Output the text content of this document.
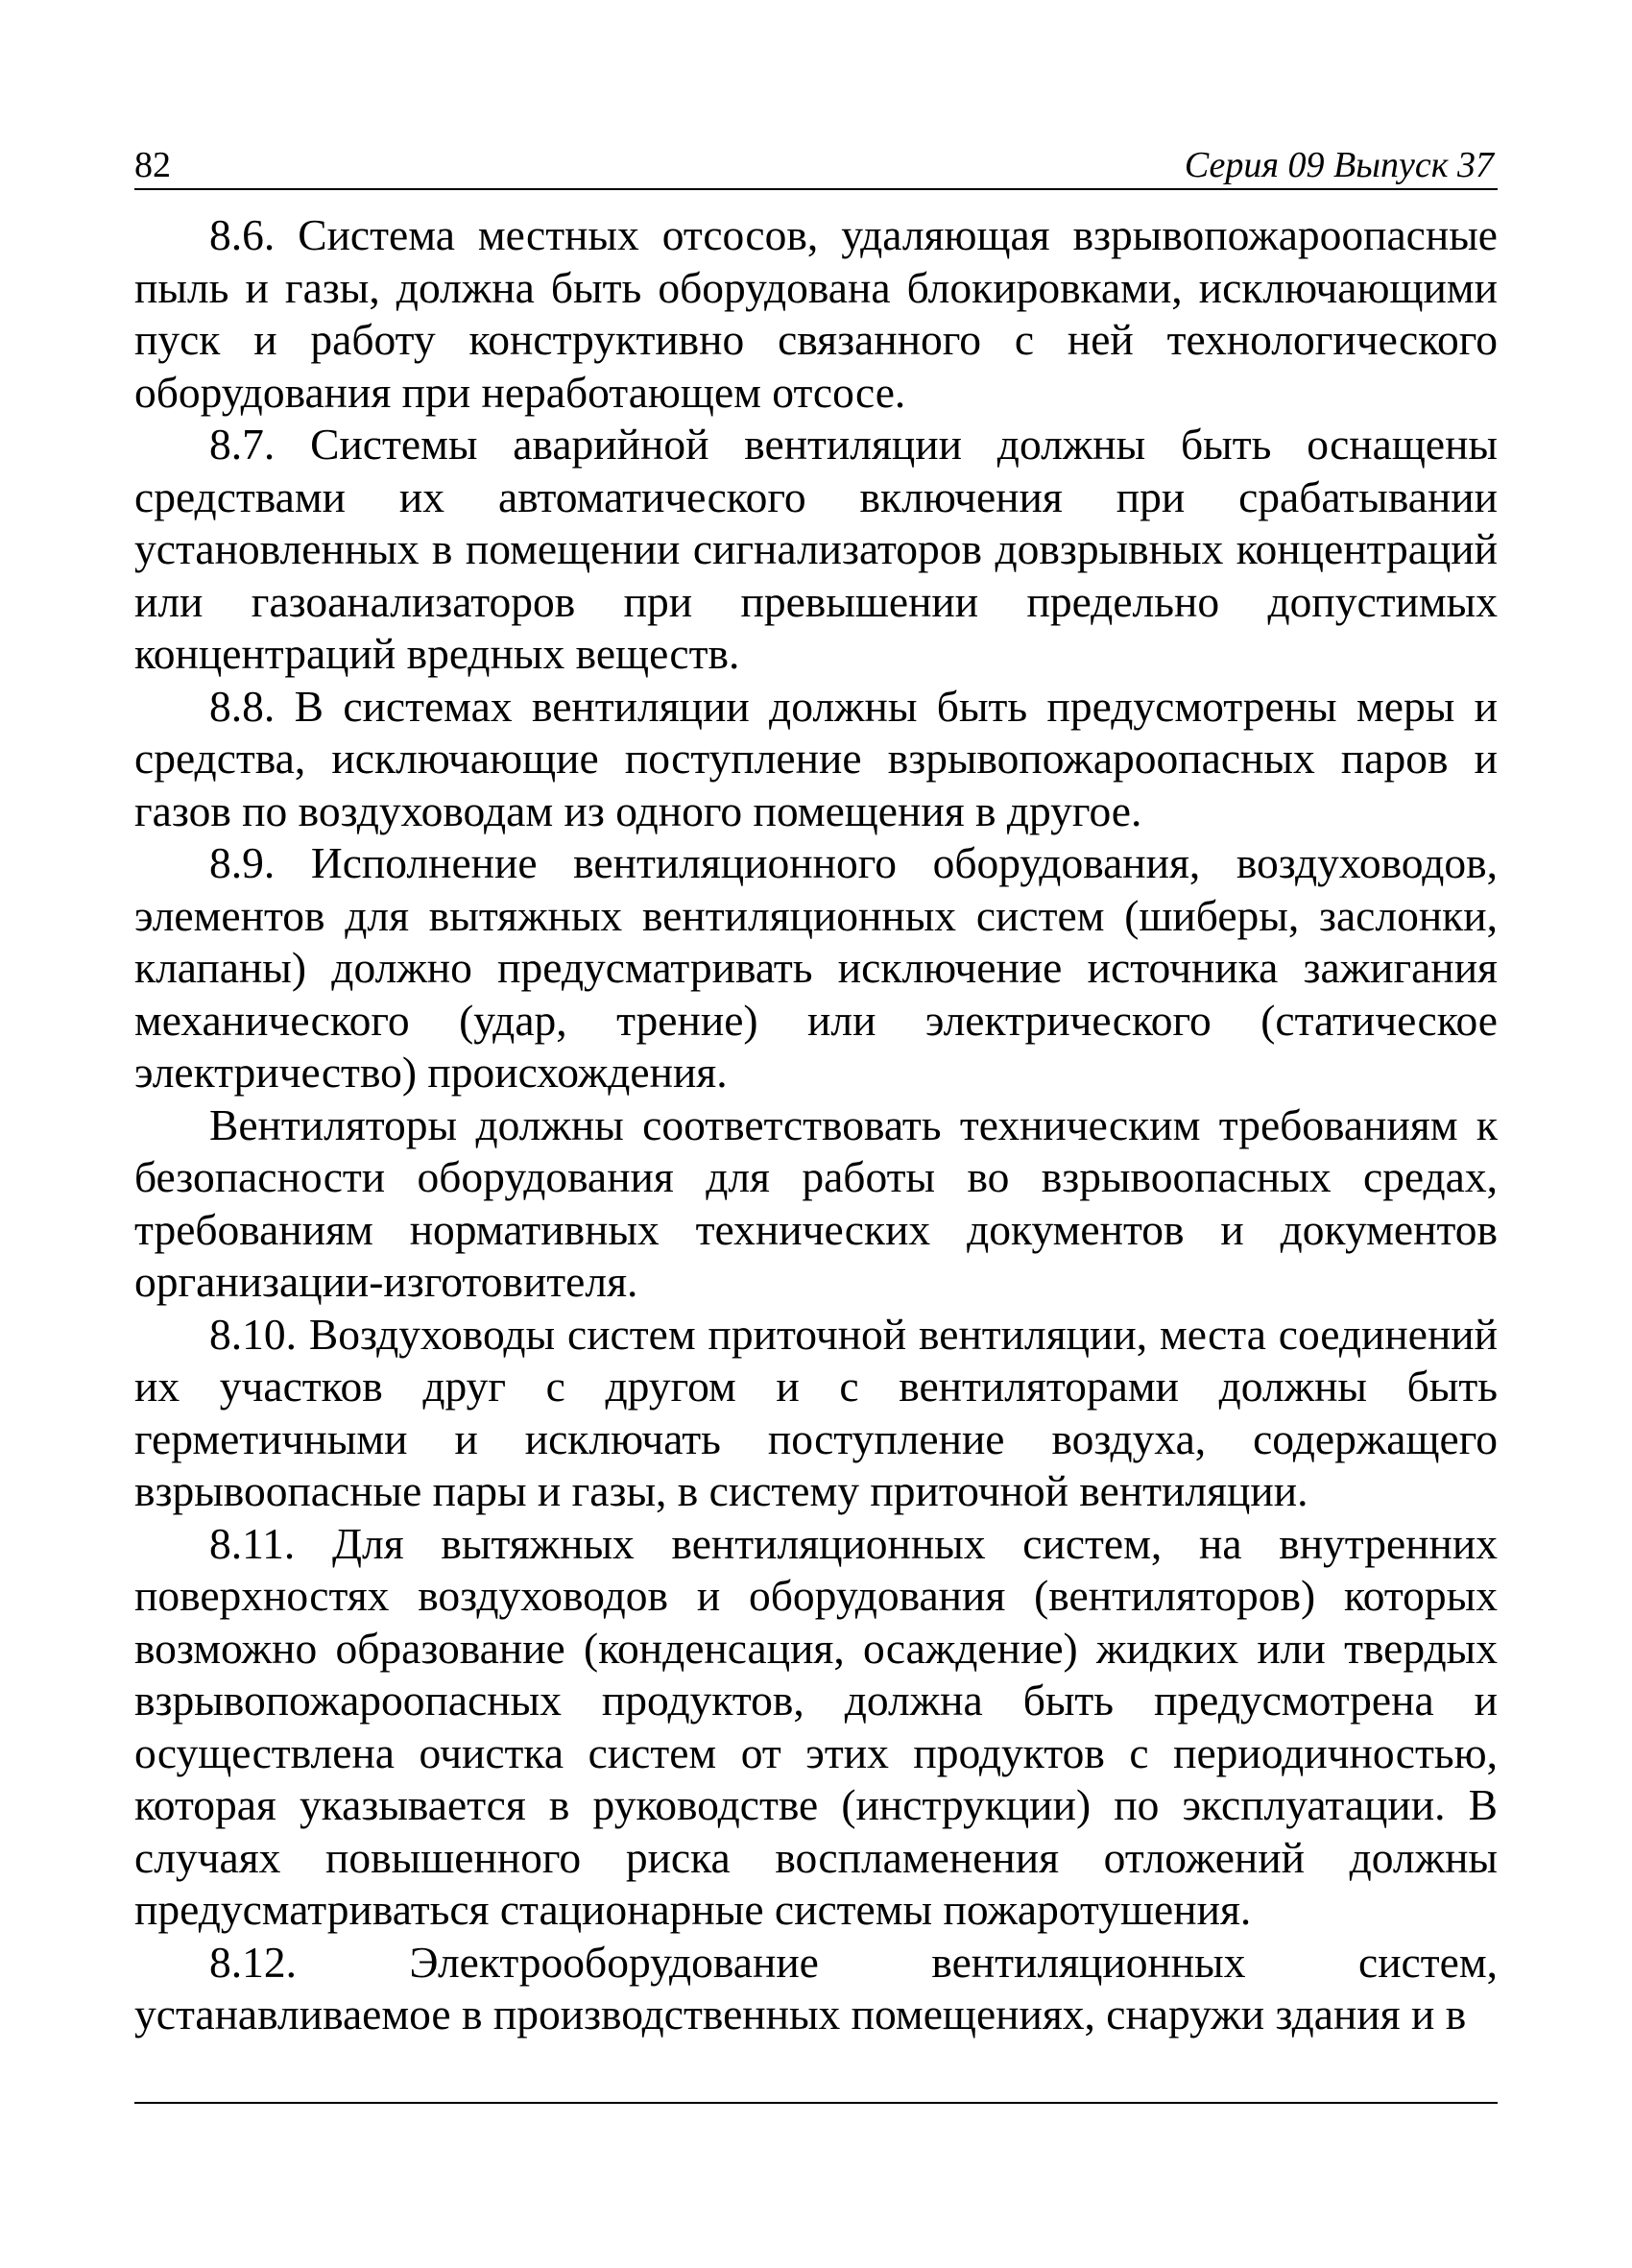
82	Серия 09 Выпуск 37

8.6. Система местных отсосов, удаляющая взрывопожароопасные пыль и газы, должна быть оборудована блокировками, исключающими пуск и работу конструктивно связанного с ней технологического оборудования при неработающем отсосе.

8.7. Системы аварийной вентиляции должны быть оснащены средствами их автоматического включения при срабатывании установленных в помещении сигнализаторов довзрывных концентраций или газоанализаторов при превышении предельно допустимых концентраций вредных веществ.

8.8. В системах вентиляции должны быть предусмотрены меры и средства, исключающие поступление взрывопожароопасных паров и газов по воздуховодам из одного помещения в другое.

8.9. Исполнение вентиляционного оборудования, воздуховодов, элементов для вытяжных вентиляционных систем (шиберы, заслонки, клапаны) должно предусматривать исключение источника зажигания механического (удар, трение) или электрического (статическое электричество) происхождения.

Вентиляторы должны соответствовать техническим требованиям к безопасности оборудования для работы во взрывоопасных средах, требованиям нормативных технических документов и документов организации-изготовителя.

8.10. Воздуховоды систем приточной вентиляции, места соединений их участков друг с другом и с вентиляторами должны быть герметичными и исключать поступление воздуха, содержащего взрывоопасные пары и газы, в систему приточной вентиляции.

8.11. Для вытяжных вентиляционных систем, на внутренних поверхностях воздуховодов и оборудования (вентиляторов) которых возможно образование (конденсация, осаждение) жидких или твердых взрывопожароопасных продуктов, должна быть предусмотрена и осуществлена очистка систем от этих продуктов с периодичностью, которая указывается в руководстве (инструкции) по эксплуатации. В случаях повышенного риска воспламенения отложений должны предусматриваться стационарные системы пожаротушения.

8.12. Электрооборудование вентиляционных систем, устанавливаемое в производственных помещениях, снаружи здания и в
